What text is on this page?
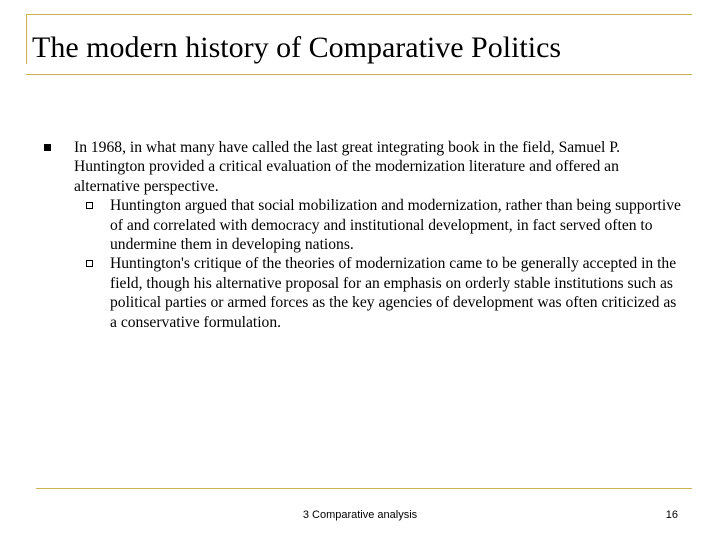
The modern history of Comparative Politics
In 1968, in what many have called the last great integrating book in the field, Samuel P. Huntington provided a critical evaluation of the modernization literature and offered an alternative perspective.
Huntington argued that social mobilization and modernization, rather than being supportive of and correlated with democracy and institutional development, in fact served often to undermine them in developing nations.
Huntington's critique of the theories of modernization came to be generally accepted in the field, though his alternative proposal for an emphasis on orderly stable institutions such as political parties or armed forces as the key agencies of development was often criticized as a conservative formulation.
3 Comparative analysis	16
